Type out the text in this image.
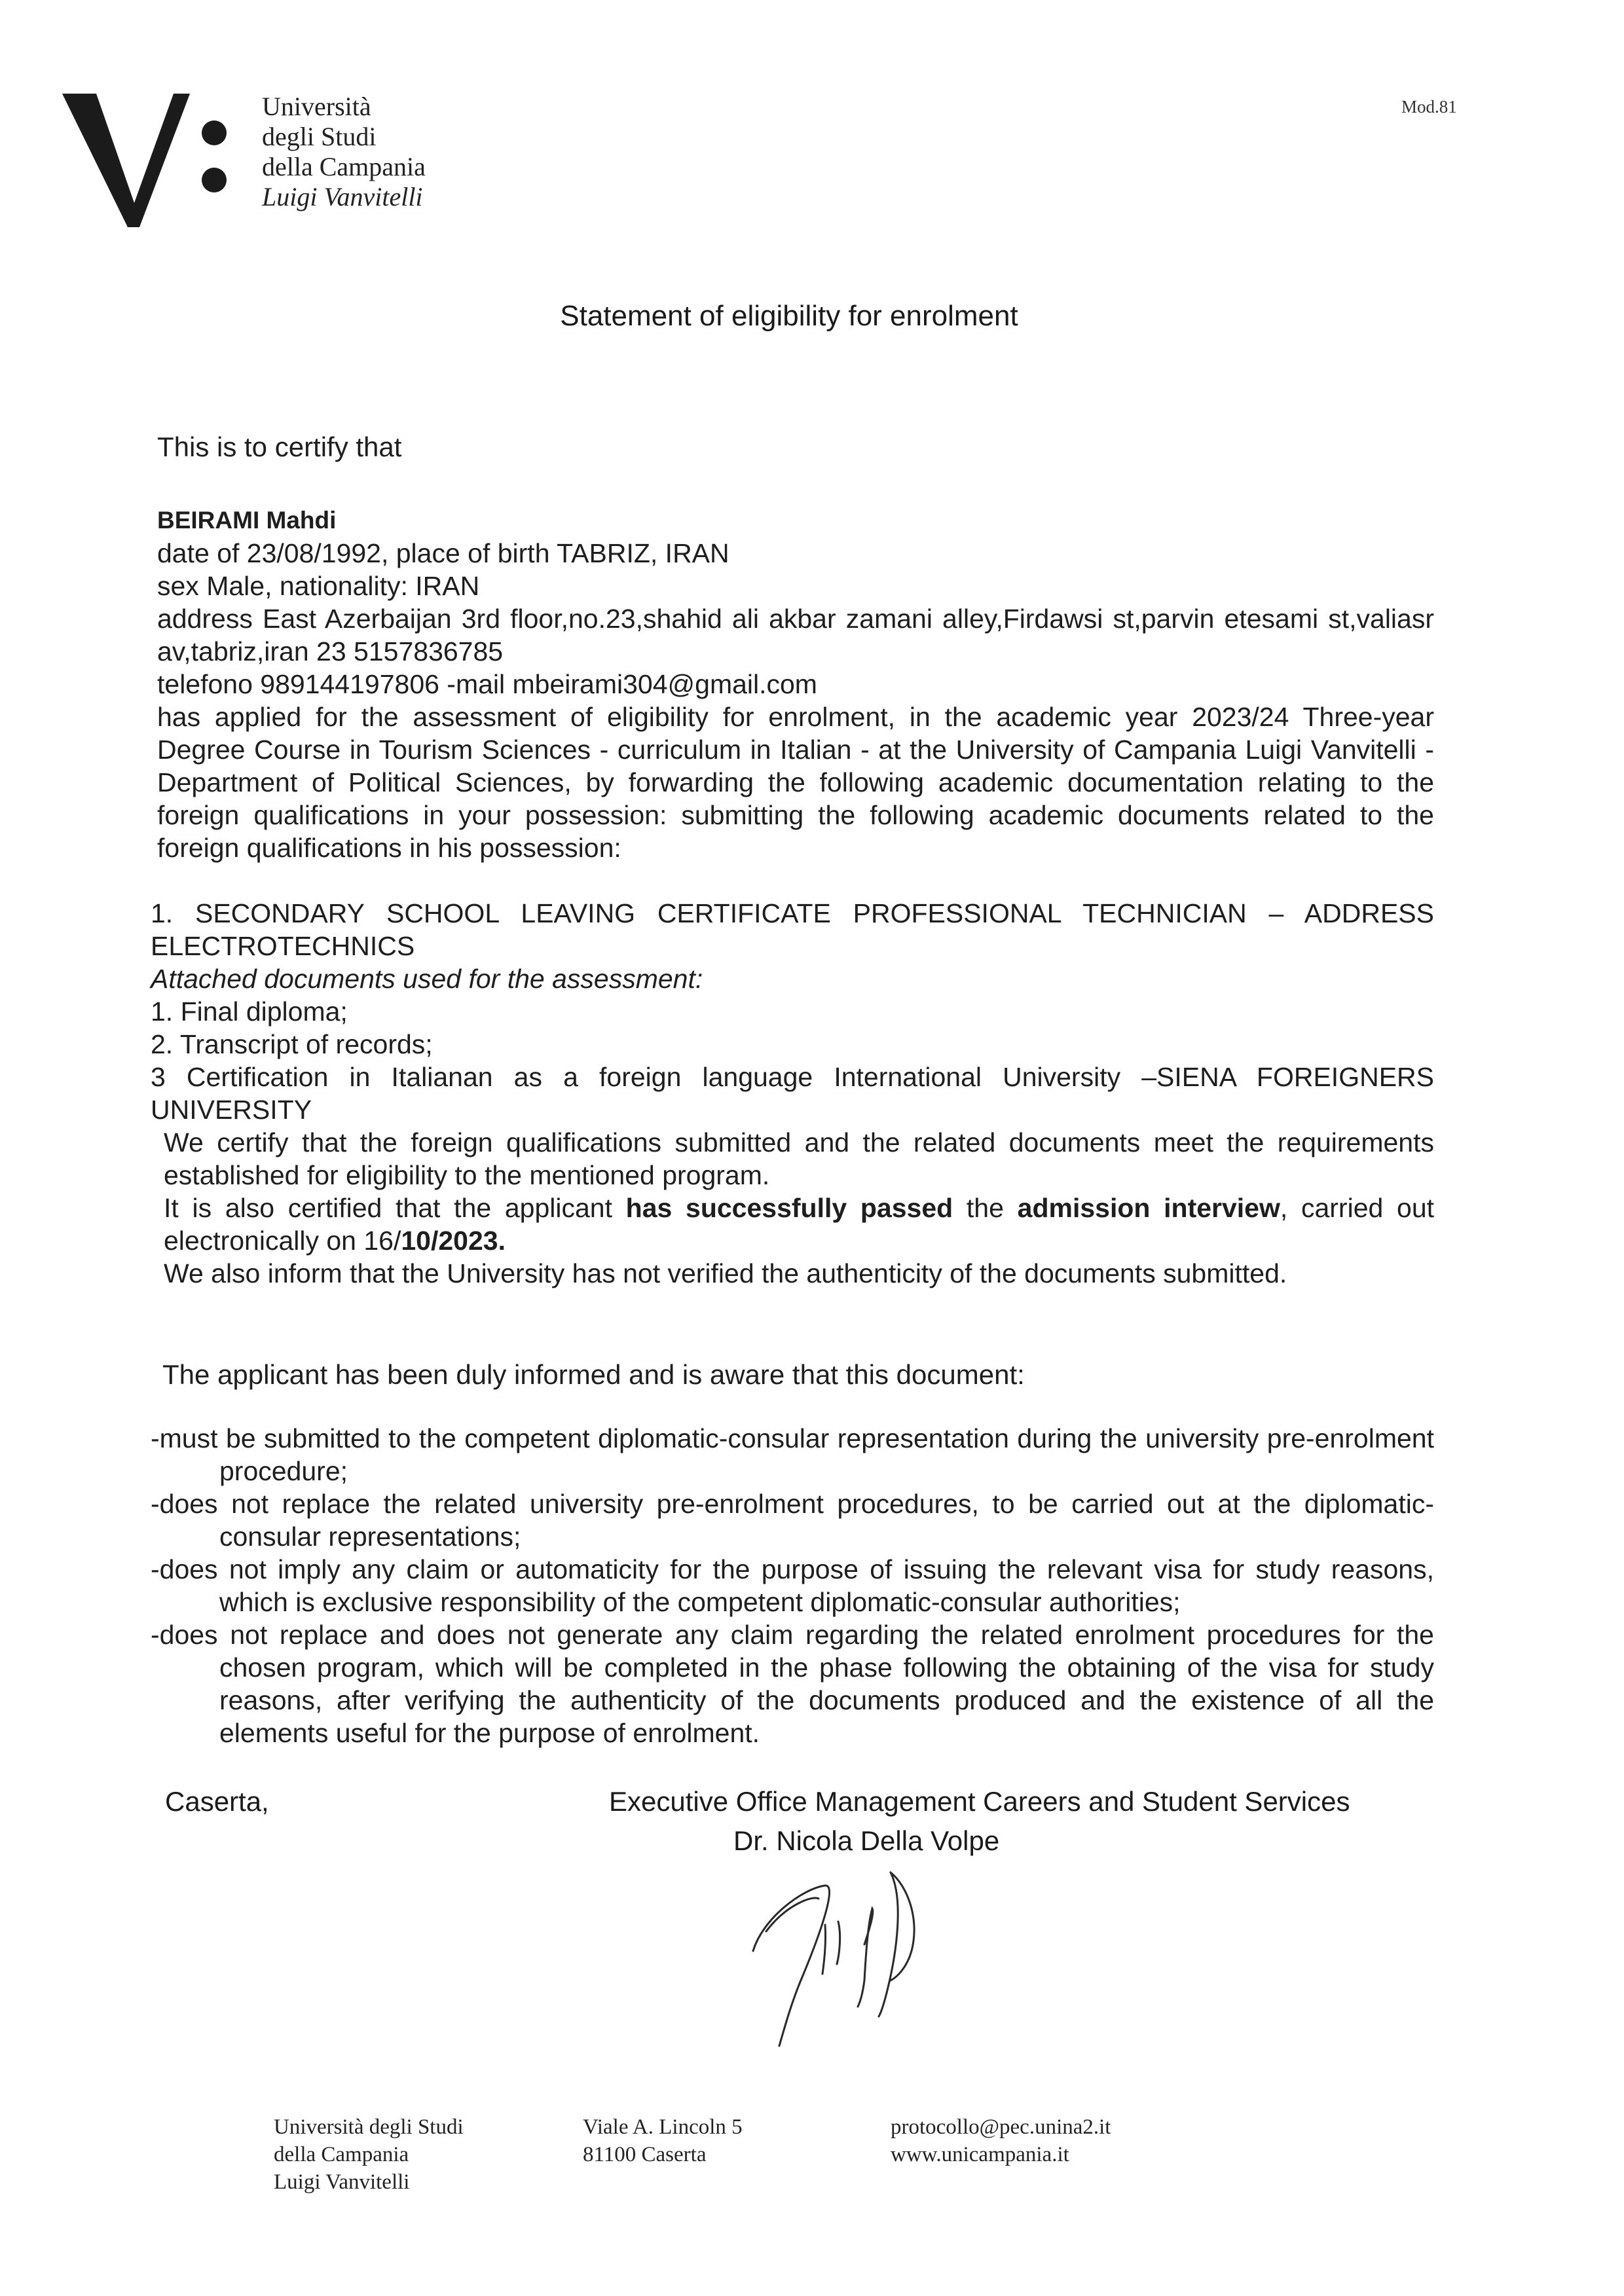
Università
degli Studi
della Campania
Luigi Vanvitelli
Mod.81
Statement of eligibility for enrolment
This is to certify that

BEIRAMI Mahdi

date of 23/08/1992, place of birth TABRIZ, IRAN

sex Male, nationality: IRAN

address East Azerbaijan 3rd floor,no.23,shahid ali akbar zamani alley,Firdawsi st,parvin etesami st,valiasr av,tabriz,iran 23 5157836785

telefono 989144197806 -mail mbeirami304@gmail.com

has applied for the assessment of eligibility for enrolment, in the academic year 2023/24 Three-year Degree Course in Tourism Sciences - curriculum in Italian - at the University of Campania Luigi Vanvitelli - Department of Political Sciences, by forwarding the following academic documentation relating to the foreign qualifications in your possession: submitting the following academic documents related to the foreign qualifications in his possession:

1. SECONDARY SCHOOL LEAVING CERTIFICATE PROFESSIONAL TECHNICIAN – ADDRESS

ELECTROTECHNICS

Attached documents used for the assessment:

1. Final diploma;

2. Transcript of records;

3 Certification in Italianan as a foreign language International University –SIENA FOREIGNERS UNIVERSITY

We certify that the foreign qualifications submitted and the related documents meet the requirements established for eligibility to the mentioned program.

It is also certified that the applicant has successfully passed the admission interview, carried out electronically on 16/10/2023.

We also inform that the University has not verified the authenticity of the documents submitted.

The applicant has been duly informed and is aware that this document:

-must be submitted to the competent diplomatic-consular representation during the university pre-enrolment procedure;

-does not replace the related university pre-enrolment procedures, to be carried out at the diplomatic-consular representations;

-does not imply any claim or automaticity for the purpose of issuing the relevant visa for study reasons, which is exclusive responsibility of the competent diplomatic-consular authorities;

-does not replace and does not generate any claim regarding the related enrolment procedures for the chosen program, which will be completed in the phase following the obtaining of the visa for study reasons, after verifying the authenticity of the documents produced and the existence of all the elements useful for the purpose of enrolment.

Caserta,	Executive Office Management Careers and Student Services
Dr. Nicola Della Volpe
Università degli Studi
della Campania
Luigi Vanvitelli
Viale A. Lincoln 5
81100 Caserta
protocollo@pec.unina2.it
www.unicampania.it
